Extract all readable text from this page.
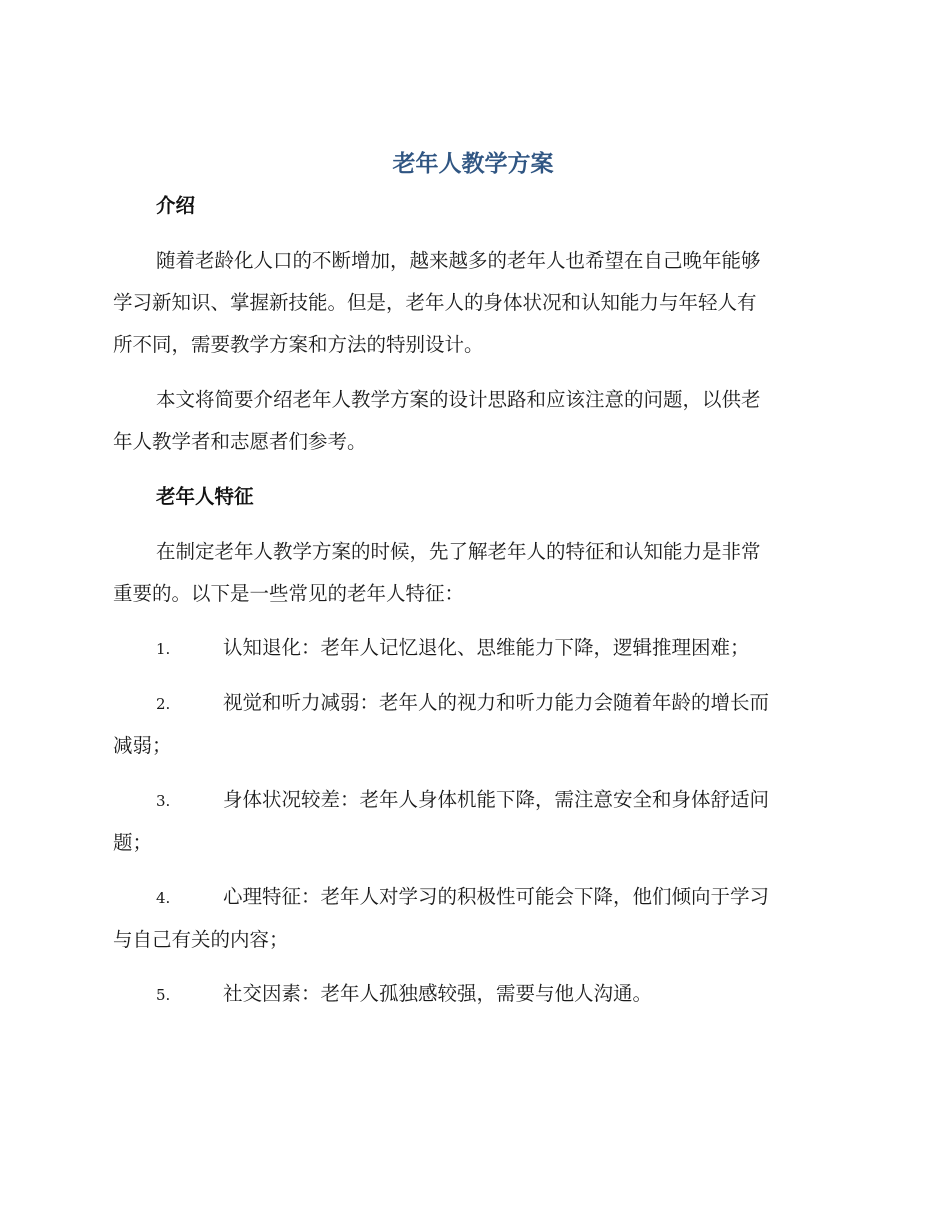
老年人教学方案
介绍
随着老龄化人口的不断增加，越来越多的老年人也希望在自己晚年能够
学习新知识、掌握新技能。但是，老年人的身体状况和认知能力与年轻人有
所不同，需要教学方案和方法的特别设计。
本文将简要介绍老年人教学方案的设计思路和应该注意的问题，以供老
年人教学者和志愿者们参考。
老年人特征
在制定老年人教学方案的时候，先了解老年人的特征和认知能力是非常
重要的。以下是一些常见的老年人特征：
1.	认知退化：老年人记忆退化、思维能力下降，逻辑推理困难；
2.	视觉和听力减弱：老年人的视力和听力能力会随着年龄的增长而
减弱；
3.	身体状况较差：老年人身体机能下降，需注意安全和身体舒适问
题；
4.	心理特征：老年人对学习的积极性可能会下降，他们倾向于学习
与自己有关的内容；
5.	社交因素：老年人孤独感较强，需要与他人沟通。
